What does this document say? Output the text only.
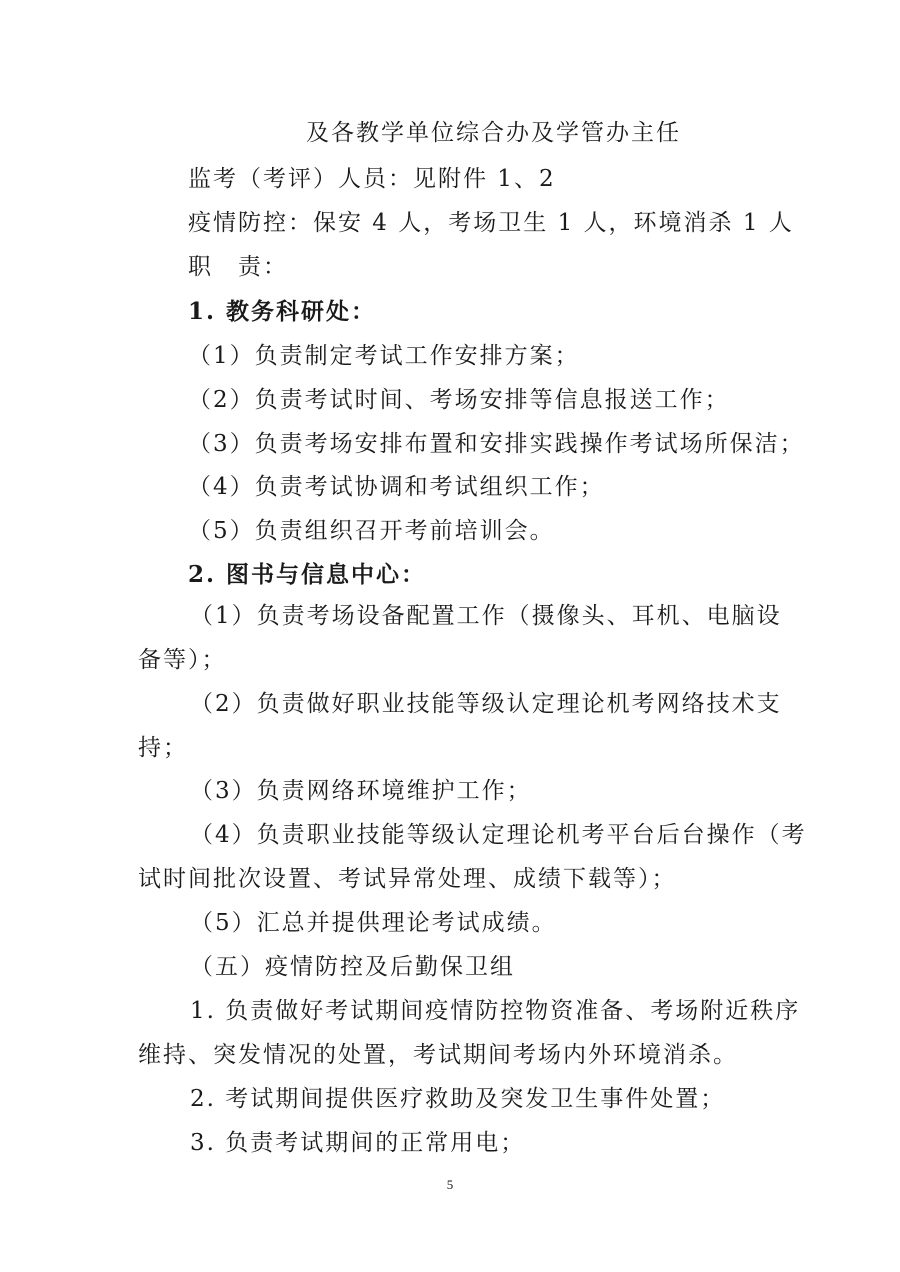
及各教学单位综合办及学管办主任
监考（考评）人员：见附件 1、2
疫情防控：保安 4 人，考场卫生 1 人，环境消杀 1 人
职　责：
1. 教务科研处：
（1）负责制定考试工作安排方案；
（2）负责考试时间、考场安排等信息报送工作；
（3）负责考场安排布置和安排实践操作考试场所保洁；
（4）负责考试协调和考试组织工作；
（5）负责组织召开考前培训会。
2. 图书与信息中心：
（1）负责考场设备配置工作（摄像头、耳机、电脑设
备等）；
（2）负责做好职业技能等级认定理论机考网络技术支
持；
（3）负责网络环境维护工作；
（4）负责职业技能等级认定理论机考平台后台操作（考
试时间批次设置、考试异常处理、成绩下载等）；
（5）汇总并提供理论考试成绩。
（五）疫情防控及后勤保卫组
1. 负责做好考试期间疫情防控物资准备、考场附近秩序
维持、突发情况的处置，考试期间考场内外环境消杀。
2. 考试期间提供医疗救助及突发卫生事件处置；
3. 负责考试期间的正常用电；
5
